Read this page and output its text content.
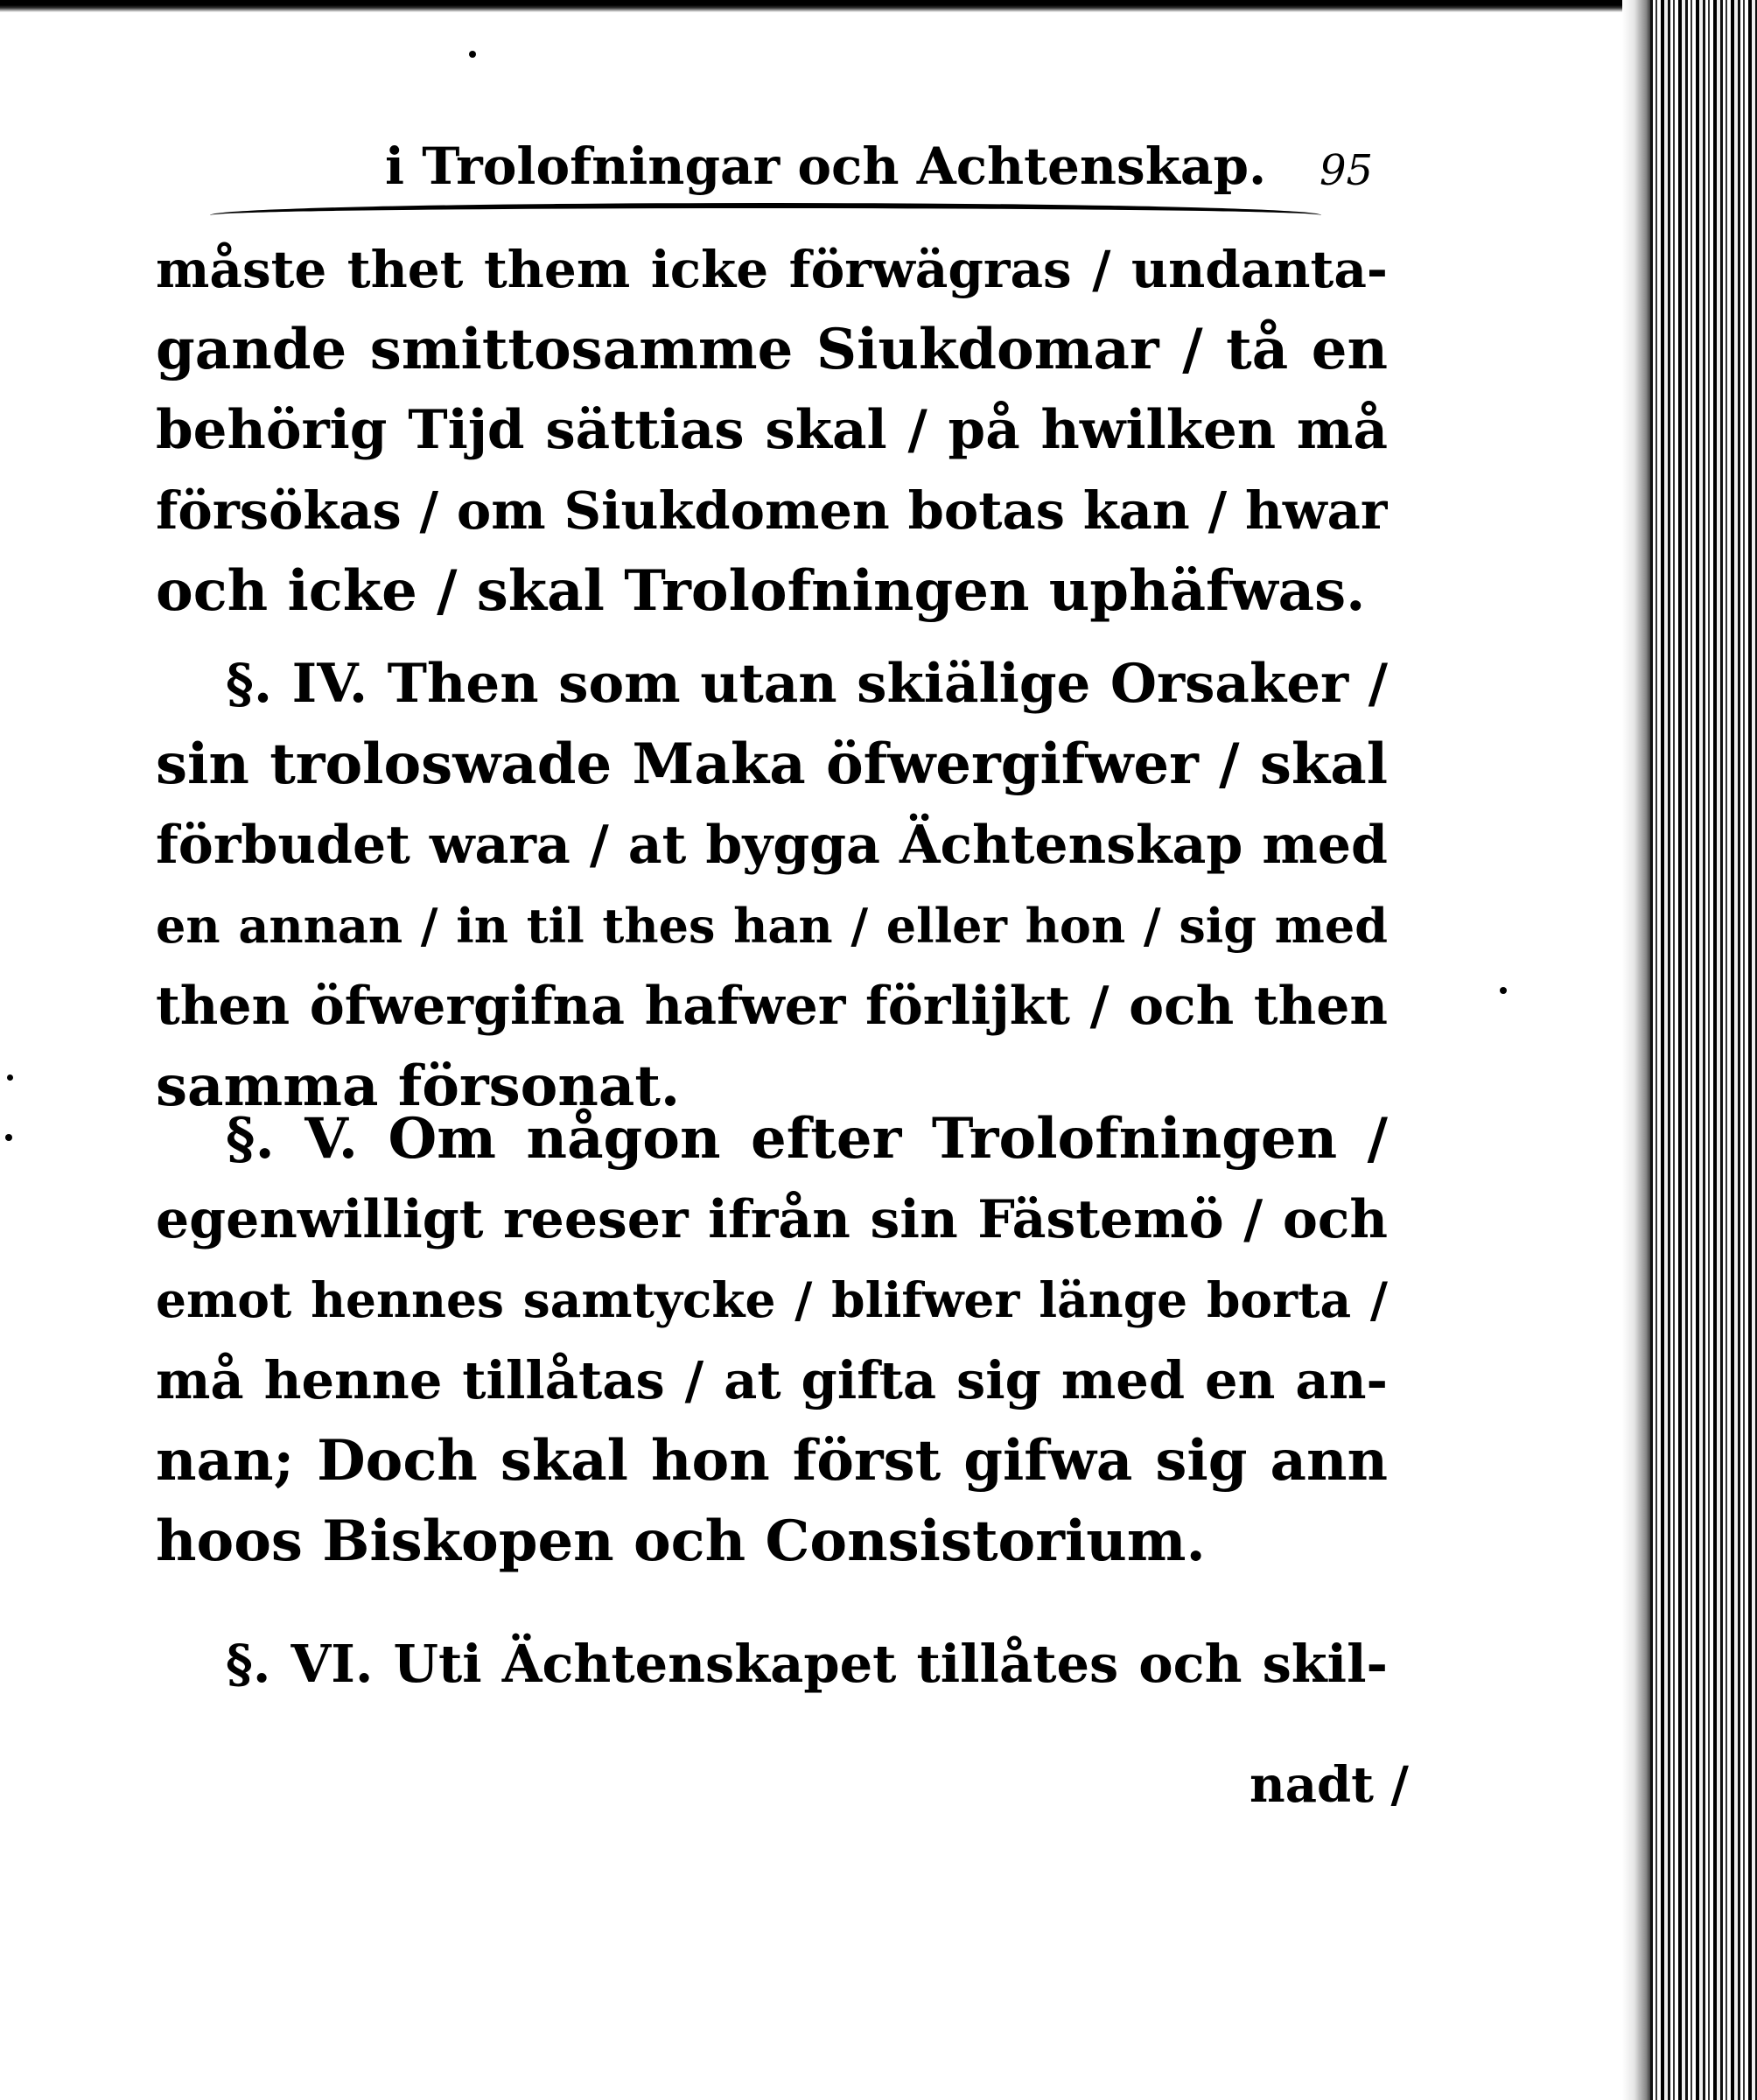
i Trolofningar och Achtenskap. 95
måste thet them icke förwägras / undanta-
gande smittosamme Siukdomar / tå en
behörig Tijd sättias skal / på hwilken må
försökas / om Siukdomen botas kan / hwar
och icke / skal Trolofningen uphäfwas.
§. IV. Then som utan skiälige Orsaker /
sin troloswade Maka öfwergifwer / skal
förbudet wara / at bygga Ächtenskap med
en annan / in til thes han / eller hon / sig med
then öfwergifna hafwer förlijkt / och then
samma försonat.
§. V. Om någon efter Trolofningen /
egenwilligt reeser ifrån sin Fästemö / och
emot hennes samtycke / blifwer länge borta /
må henne tillåtas / at gifta sig med en an-
nan; Doch skal hon först gifwa sig ann
hoos Biskopen och Consistorium.
§. VI. Uti Ächtenskapet tillåtes och skil-
nadt /
